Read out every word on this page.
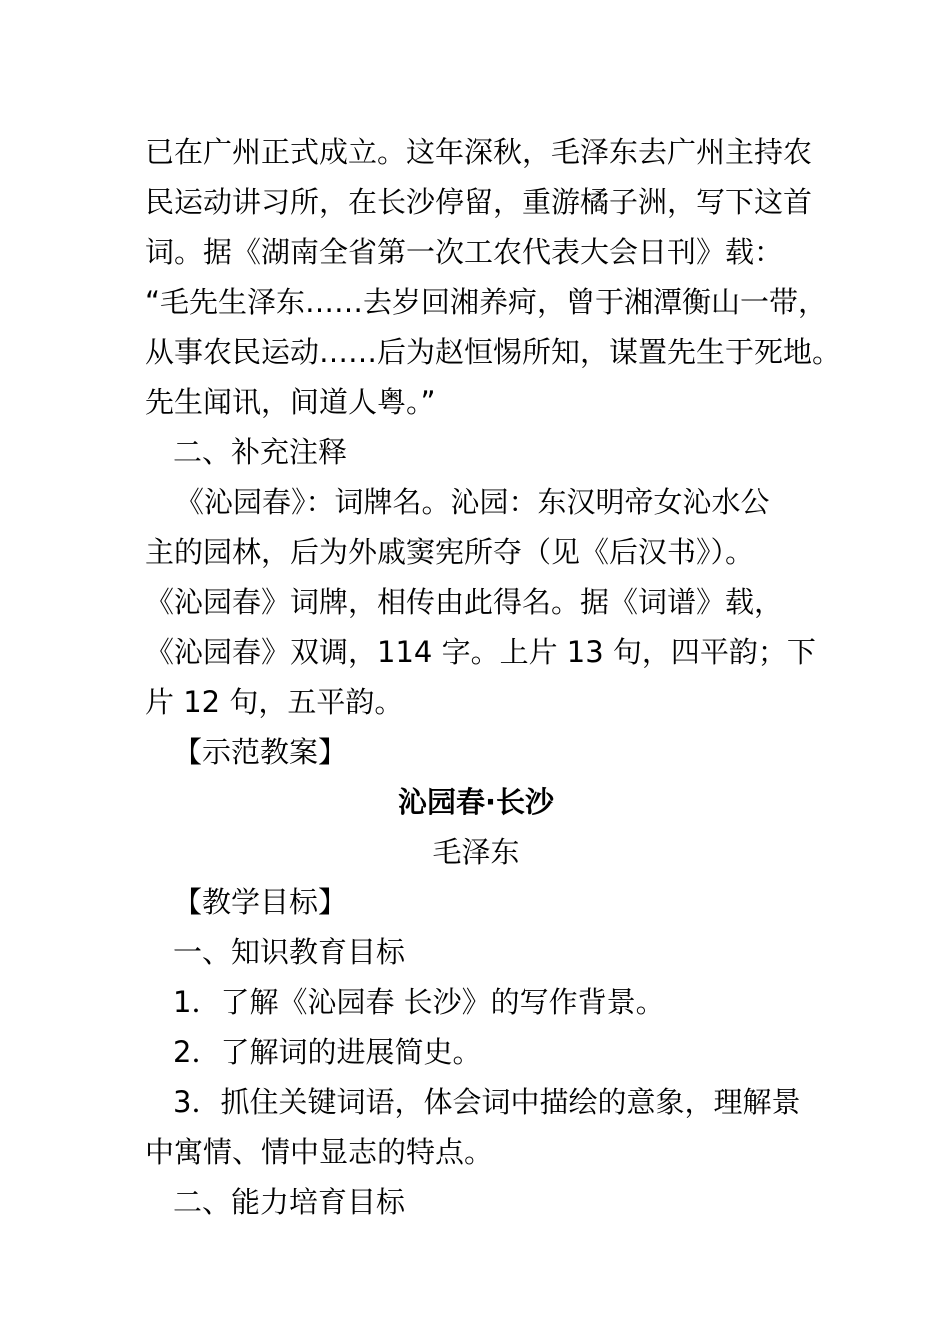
已在广州正式成立。这年深秋，毛泽东去广州主持农
民运动讲习所，在长沙停留，重游橘子洲，写下这首
词。据《湖南全省第一次工农代表大会日刊》载：
“毛先生泽东……去岁回湘养疴，曾于湘潭衡山一带，
从事农民运动……后为赵恒惕所知，谋置先生于死地。
先生闻讯，间道人粤。”
二、补充注释
《沁园春》：词牌名。沁园：东汉明帝女沁水公
主的园林，后为外戚窦宪所夺（见《后汉书》）。
《沁园春》词牌，相传由此得名。据《词谱》载，
《沁园春》双调，114 字。上片 13 句，四平韵；下
片 12 句，五平韵。
【示范教案】
沁园春·长沙
毛泽东
【教学目标】
一、知识教育目标
1．了解《沁园春 长沙》的写作背景。
2．了解词的进展简史。
3．抓住关键词语，体会词中描绘的意象，理解景
中寓情、情中显志的特点。
二、能力培育目标
